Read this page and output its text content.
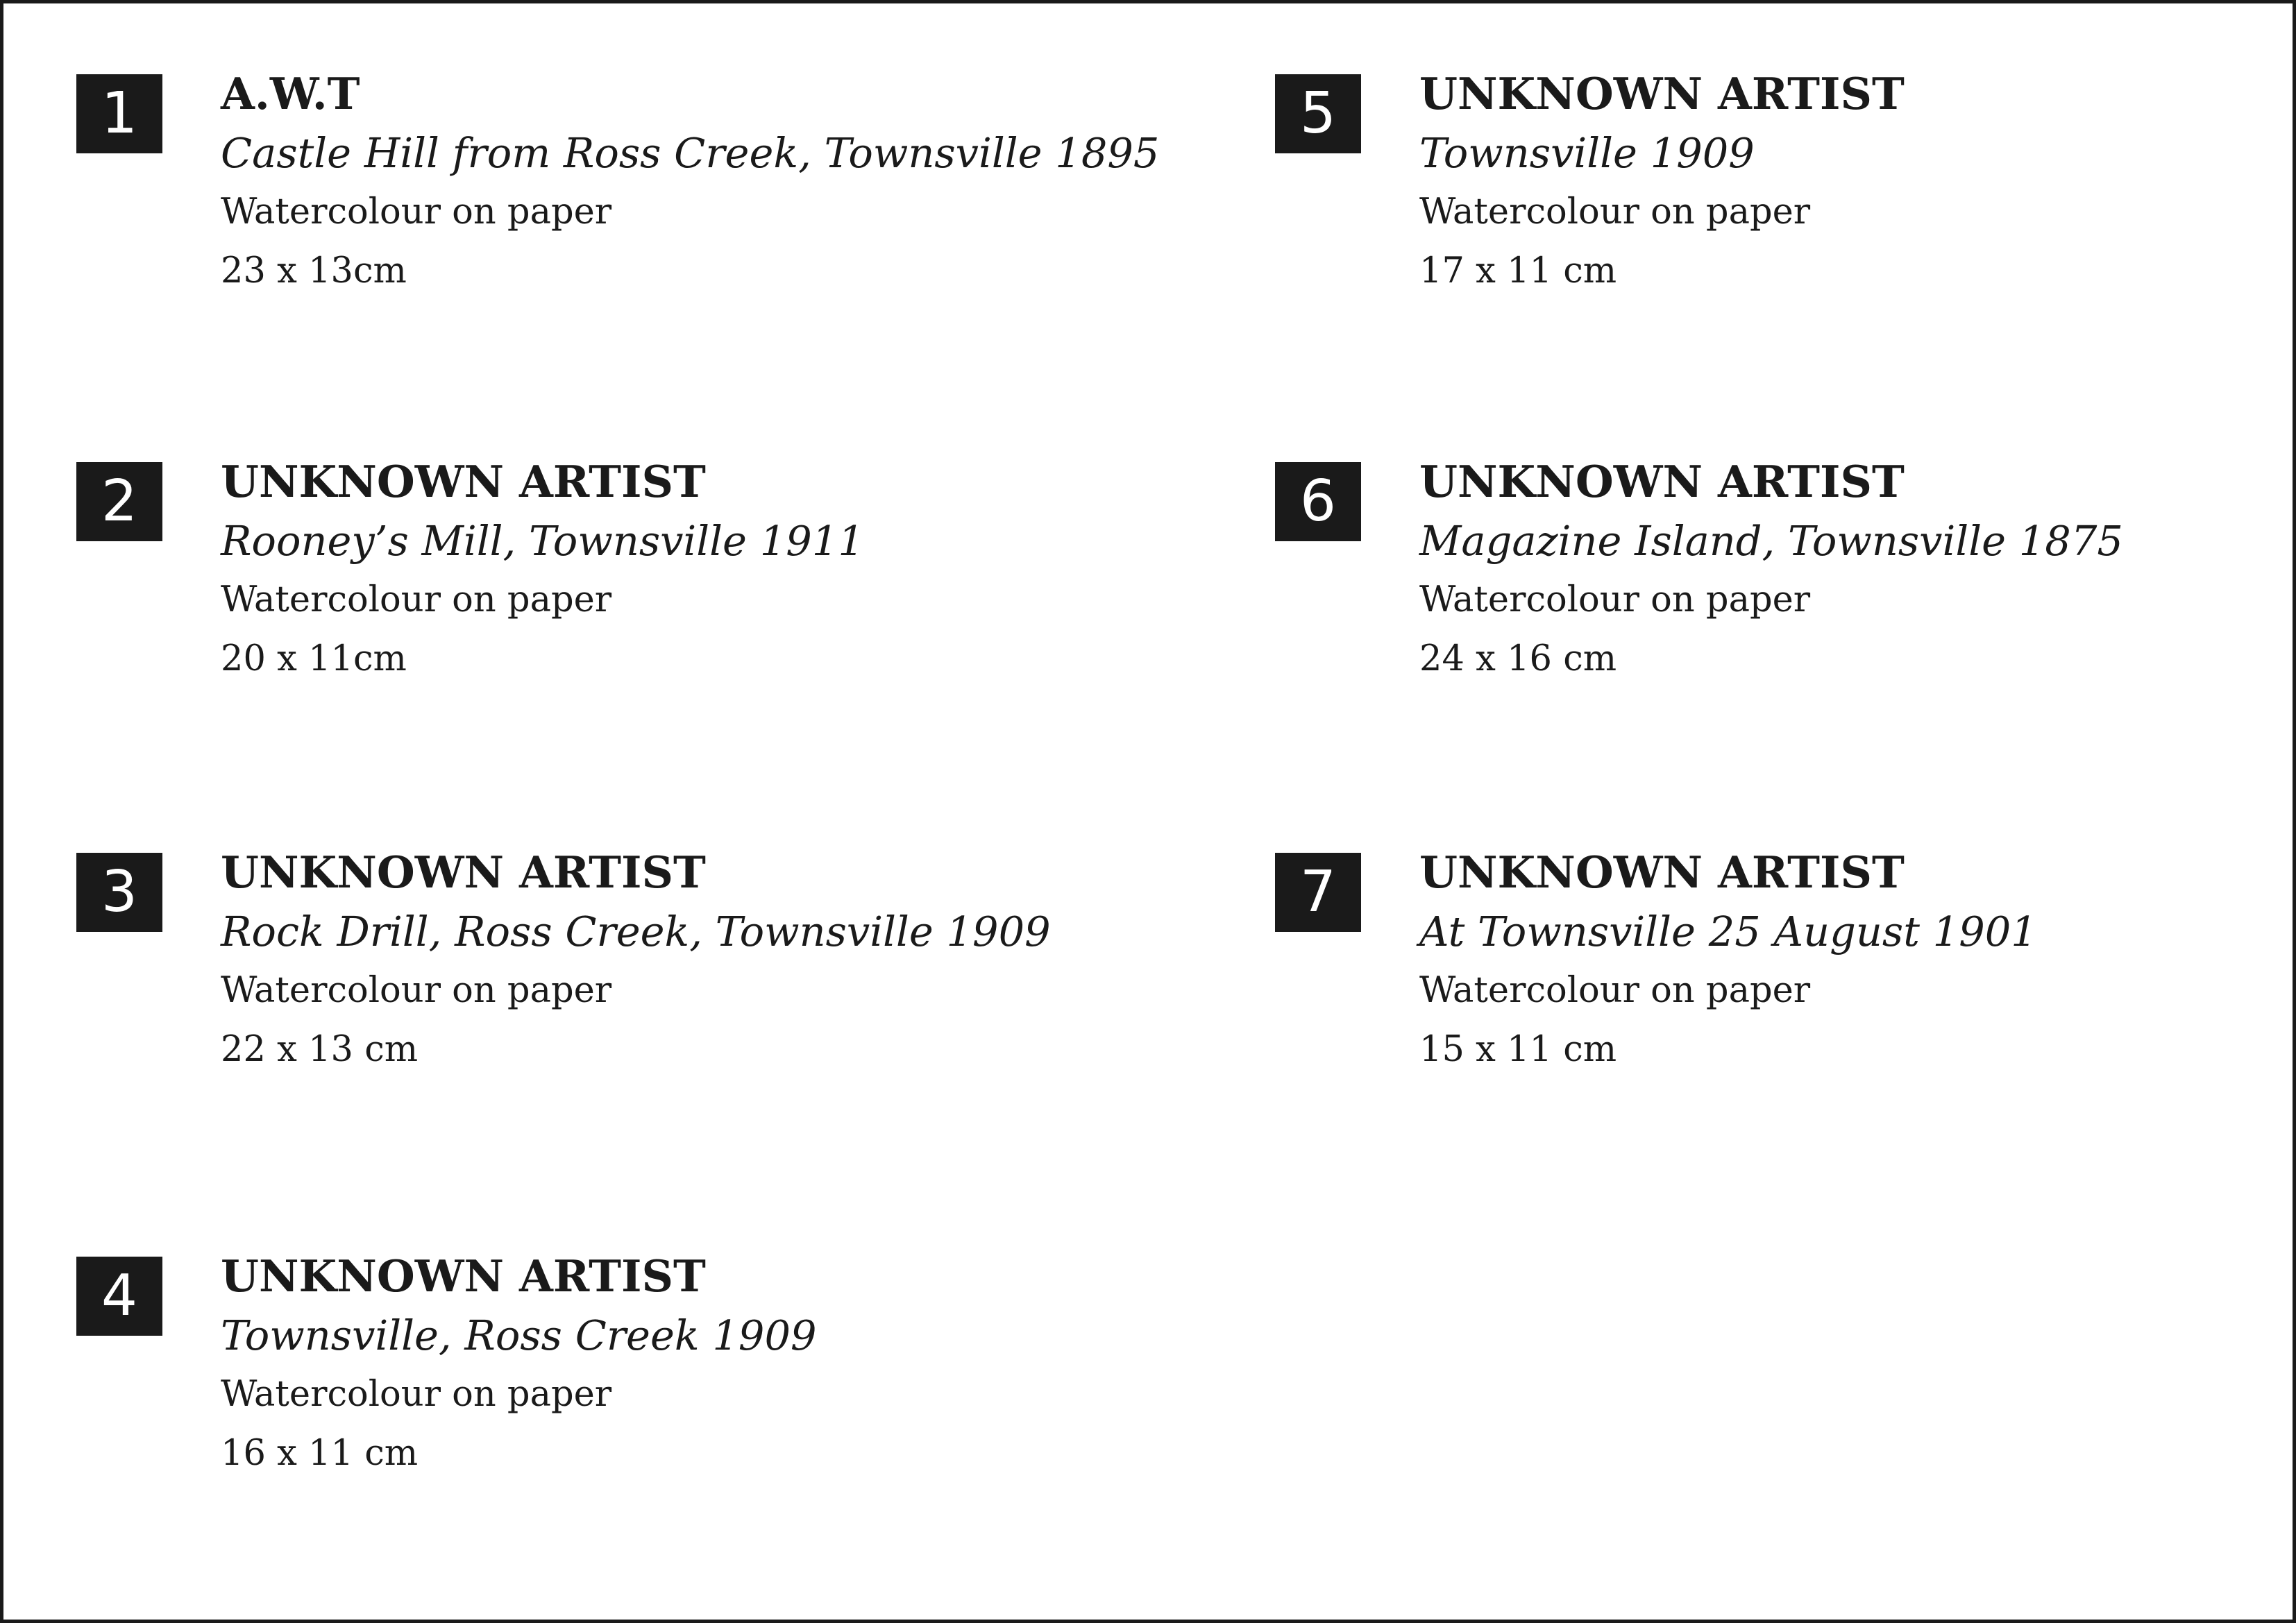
1	A.W.T
Castle Hill from Ross Creek, Townsville 1895
Watercolour on paper
23 x 13cm
2	UNKNOWN ARTIST
Rooney’s Mill, Townsville 1911
Watercolour on paper
20 x 11cm
3	UNKNOWN ARTIST
Rock Drill, Ross Creek, Townsville 1909
Watercolour on paper
22 x 13 cm
4	UNKNOWN ARTIST
Townsville, Ross Creek 1909
Watercolour on paper
16 x 11 cm
5	UNKNOWN ARTIST
Townsville 1909
Watercolour on paper
17 x 11 cm
6	UNKNOWN ARTIST
Magazine Island, Townsville 1875
Watercolour on paper
24 x 16 cm
7	UNKNOWN ARTIST
At Townsville 25 August 1901
Watercolour on paper
15 x 11 cm
